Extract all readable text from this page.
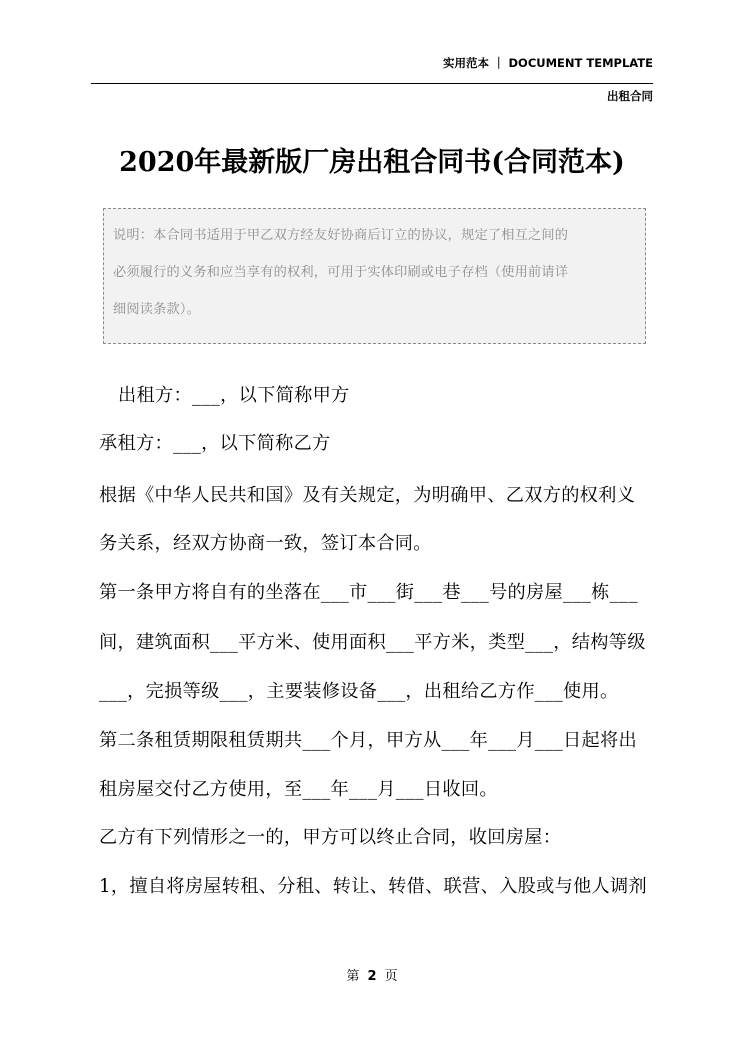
实用范本 ｜ DOCUMENT TEMPLATE
出租合同
2020年最新版厂房出租合同书(合同范本)
说明：本合同书适用于甲乙双方经友好协商后订立的协议，规定了相互之间的
必须履行的义务和应当享有的权利，可用于实体印刷或电子存档（使用前请详
细阅读条款）。
出租方：___，以下简称甲方
承租方：___，以下简称乙方
根据《中华人民共和国》及有关规定，为明确甲、乙双方的权利义
务关系，经双方协商一致，签订本合同。
第一条甲方将自有的坐落在___市___街___巷___号的房屋___栋___
间，建筑面积___平方米、使用面积___平方米，类型___，结构等级
___，完损等级___，主要装修设备___，出租给乙方作___使用。
第二条租赁期限租赁期共___个月，甲方从___年___月___日起将出
租房屋交付乙方使用，至___年___月___日收回。
乙方有下列情形之一的，甲方可以终止合同，收回房屋：
1，擅自将房屋转租、分租、转让、转借、联营、入股或与他人调剂
第 2 页
